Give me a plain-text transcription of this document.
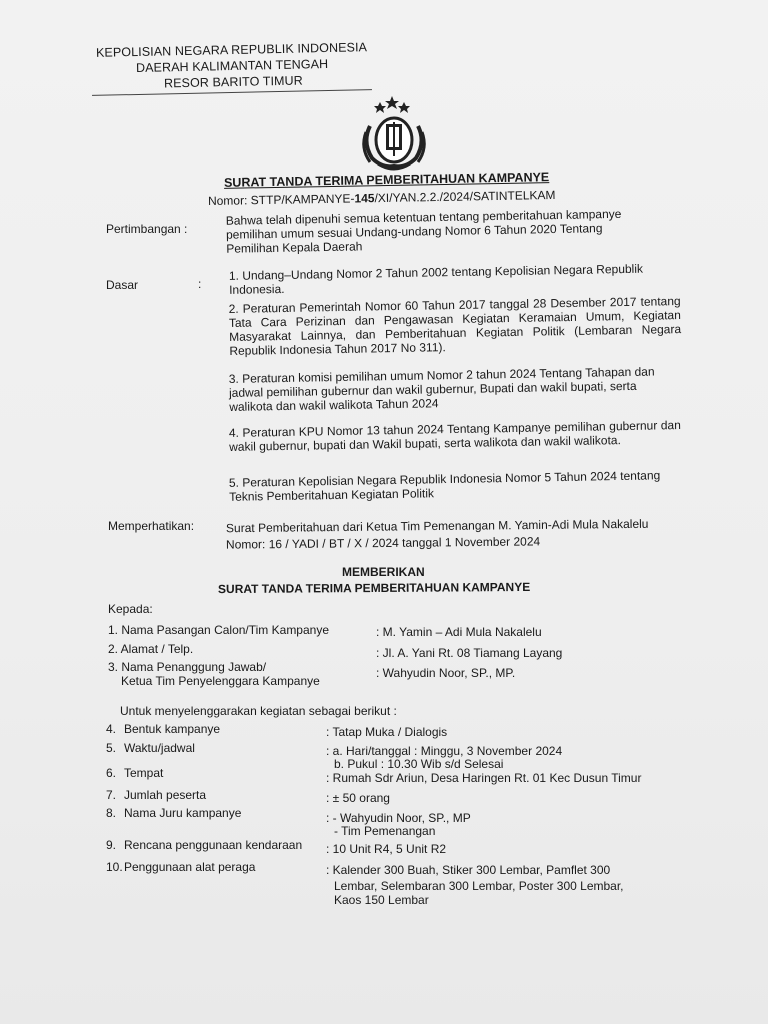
KEPOLISIAN NEGARA REPUBLIK INDONESIA
DAERAH KALIMANTAN TENGAH
RESOR BARITO TIMUR
SURAT TANDA TERIMA PEMBERITAHUAN KAMPANYE
Nomor: STTP/KAMPANYE-145/XI/YAN.2.2./2024/SATINTELKAM
Pertimbangan :
Bahwa telah dipenuhi semua ketentuan tentang pemberitahuan kampanye pemilihan umum sesuai Undang-undang Nomor 6 Tahun 2020 Tentang Pemilihan Kepala Daerah
Dasar	:
1. Undang–Undang Nomor 2 Tahun 2002 tentang Kepolisian Negara Republik Indonesia.
2. Peraturan Pemerintah Nomor 60 Tahun 2017 tanggal 28 Desember 2017 tentang Tata Cara Perizinan dan Pengawasan Kegiatan Keramaian Umum, Kegiatan Masyarakat Lainnya, dan Pemberitahuan Kegiatan Politik (Lembaran Negara Republik Indonesia Tahun 2017 No 311).
3. Peraturan komisi pemilihan umum Nomor 2 tahun 2024 Tentang Tahapan dan jadwal pemilihan gubernur dan wakil gubernur, Bupati dan wakil bupati, serta walikota dan wakil walikota Tahun 2024
4. Peraturan KPU Nomor 13 tahun 2024 Tentang Kampanye pemilihan gubernur dan wakil gubernur, bupati dan Wakil bupati, serta walikota dan wakil walikota.
5. Peraturan Kepolisian Negara Republik Indonesia Nomor 5 Tahun 2024 tentang Teknis Pemberitahuan Kegiatan Politik
Memperhatikan:	Surat Pemberitahuan dari Ketua Tim Pemenangan M. Yamin-Adi Mula Nakalelu
Nomor: 16 / YADI / BT / X / 2024 tanggal 1 November 2024
MEMBERIKAN
SURAT TANDA TERIMA PEMBERITAHUAN KAMPANYE
Kepada:
1. Nama Pasangan Calon/Tim Kampanye	: M. Yamin – Adi Mula Nakalelu
2. Alamat / Telp.	: Jl. A. Yani Rt. 08 Tiamang Layang
3. Nama Penanggung Jawab/
Ketua Tim Penyelenggara Kampanye
: Wahyudin Noor, SP., MP.
Untuk menyelenggarakan kegiatan sebagai berikut :
4. Bentuk kampanye	: Tatap Muka / Dialogis
5. Waktu/jadwal	: a. Hari/tanggal : Minggu, 3 November 2024
b. Pukul : 10.30 Wib s/d Selesai
6. Tempat	: Rumah Sdr Ariun, Desa Haringen Rt. 01 Kec Dusun Timur
7. Jumlah peserta	: ± 50 orang
8. Nama Juru kampanye	: - Wahyudin Noor, SP., MP
- Tim Pemenangan
9. Rencana penggunaan kendaraan : 10 Unit R4, 5 Unit R2
10. Penggunaan alat peraga	: Kalender 300 Buah, Stiker 300 Lembar, Pamflet 300
Lembar, Selembaran 300 Lembar, Poster 300 Lembar,
Kaos 150 Lembar
